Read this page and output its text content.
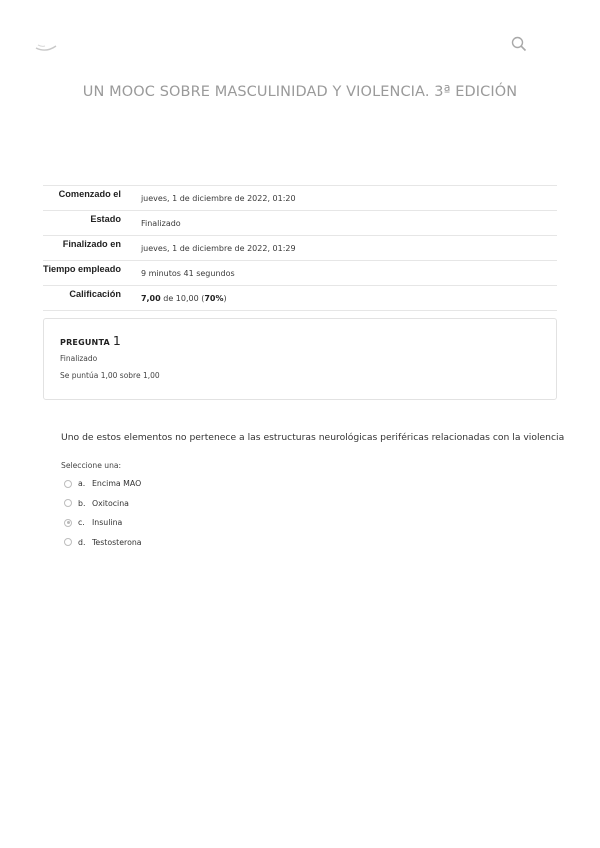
UN MOOC SOBRE MASCULINIDAD Y VIOLENCIA. 3ª EDICIÓN
Comenzado el	jueves, 1 de diciembre de 2022, 01:20
Estado	Finalizado
Finalizado en	jueves, 1 de diciembre de 2022, 01:29
Tiempo empleado	9 minutos 41 segundos
Calificación	7,00 de 10,00 (70%)
PREGUNTA 1
Finalizado
Se puntúa 1,00 sobre 1,00
Uno de estos elementos no pertenece a las estructuras neurológicas periféricas relacionadas con la violencia
Seleccione una:
a. Encima MAO
b. Oxitocina
c. Insulina
d. Testosterona
